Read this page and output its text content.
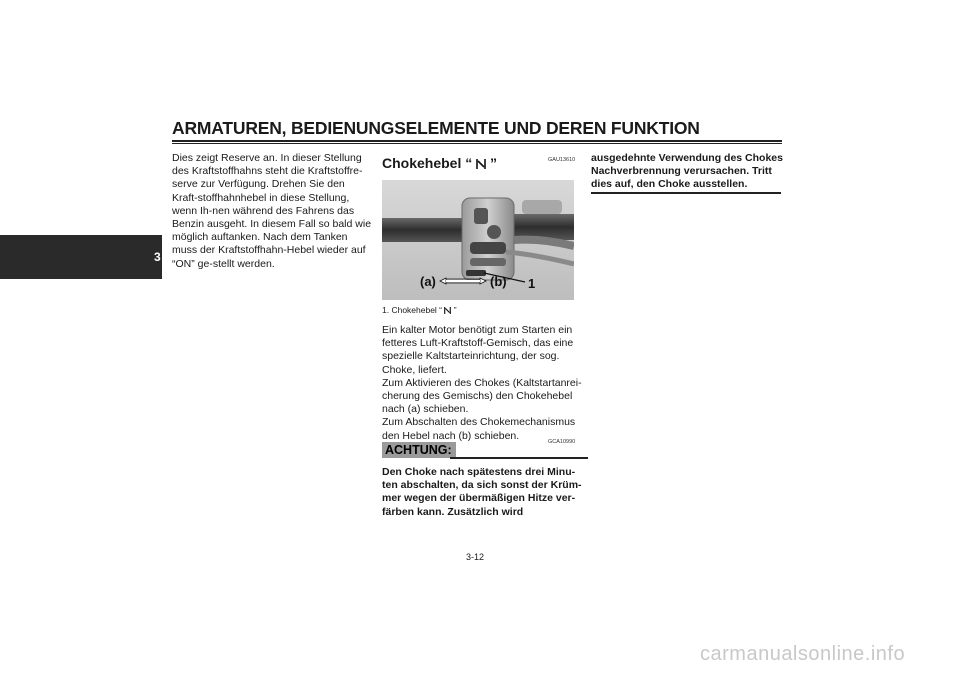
ARMATUREN, BEDIENUNGSELEMENTE UND DEREN FUNKTION
3

Dies zeigt Reserve an. In dieser Stellung des Kraftstoffhahns steht die Kraftstoffre-serve zur Verfügung. Drehen Sie den Kraft-stoffhahnhebel in diese Stellung, wenn Ih-nen während des Fahrens das Benzin ausgeht. In diesem Fall so bald wie möglich auftanken. Nach dem Tanken muss der Kraftstoffhahn-Hebel wieder auf “ON” ge-stellt werden.

Chokehebel “ ”	GAU13610
(a)	(b) 1
1. Chokehebel “ ”

Ein kalter Motor benötigt zum Starten ein fetteres Luft-Kraftstoff-Gemisch, das eine spezielle Kaltstarteinrichtung, der sog. Choke, liefert.

Zum Aktivieren des Chokes (Kaltstartanrei-cherung des Gemischs) den Chokehebel nach (a) schieben.

Zum Abschalten des Chokemechanismus den Hebel nach (b) schieben.

GCA10990
ACHTUNG:
Den Choke nach spätestens drei Minu-ten abschalten, da sich sonst der Krüm-mer wegen der übermäßigen Hitze ver-färben kann. Zusätzlich wird

ausgedehnte Verwendung des Chokes Nachverbrennung verursachen. Tritt dies auf, den Choke ausstellen.

3-12
carmanualsonline.info
